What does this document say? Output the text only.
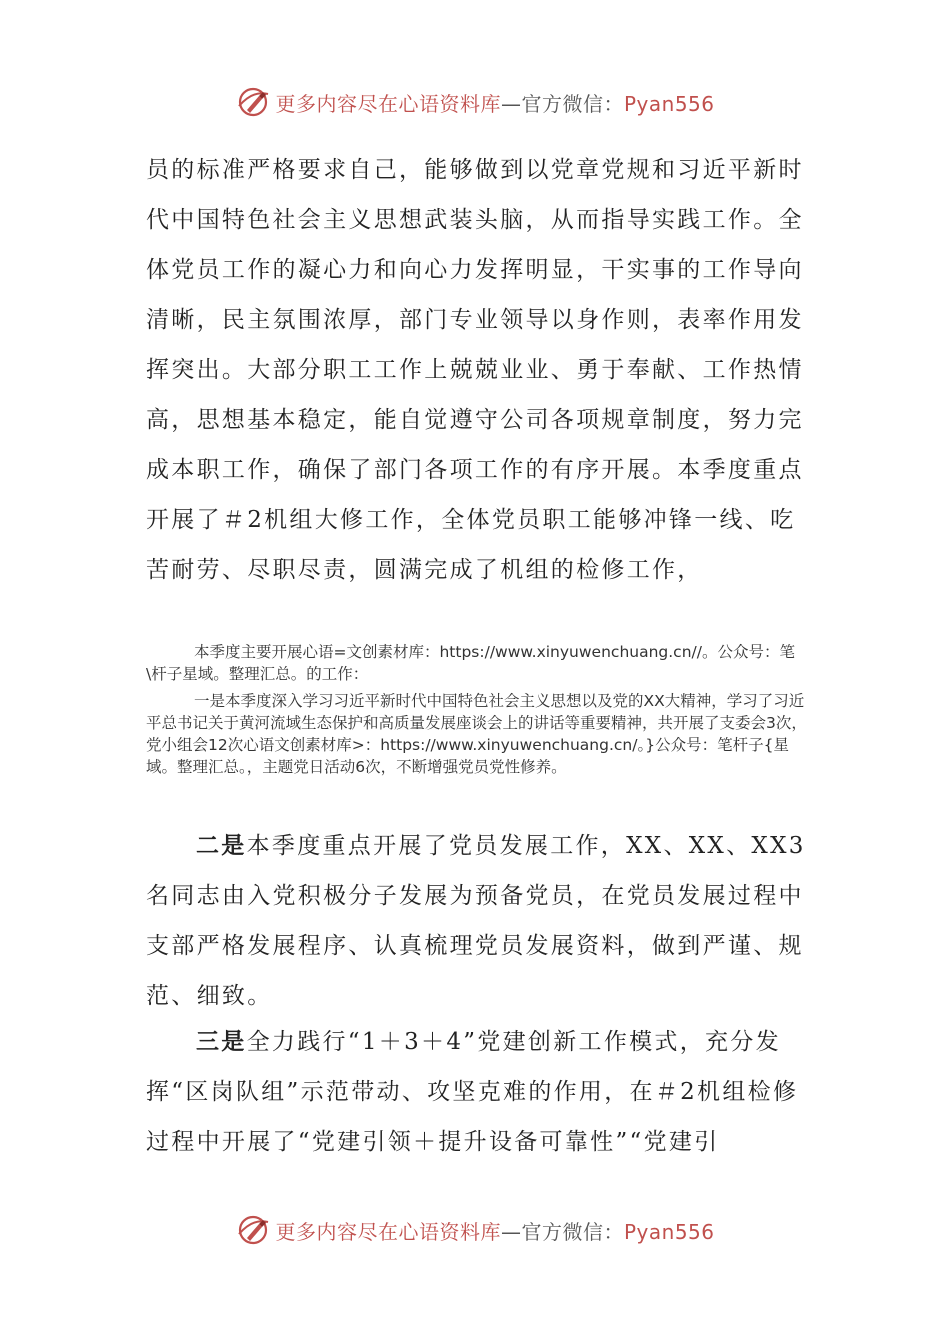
更多内容尽在心语资料库—官方微信：Pyan556

员的标准严格要求自己，能够做到以党章党规和习近平新时代中国特色社会主义思想武装头脑，从而指导实践工作。全体党员工作的凝心力和向心力发挥明显，干实事的工作导向清晰，民主氛围浓厚，部门专业领导以身作则，表率作用发挥突出。大部分职工工作上兢兢业业、勇于奉献、工作热情高，思想基本稳定，能自觉遵守公司各项规章制度，努力完成本职工作，确保了部门各项工作的有序开展。本季度重点开展了＃2机组大修工作，全体党员职工能够冲锋一线、吃苦耐劳、尽职尽责，圆满完成了机组的检修工作，

本季度主要开展心语=文创素材库：https://www.xinyuwenchuang.cn//。公众号：笔\杆子星域。整理汇总。的工作：

一是本季度深入学习习近平新时代中国特色社会主义思想以及党的XX大精神，学习了习近平总书记关于黄河流域生态保护和高质量发展座谈会上的讲话等重要精神，共开展了支委会3次，党小组会12次心语文创素材库>：https://www.xinyuwenchuang.cn/。}公众号：笔杆子{星域。整理汇总。，主题党日活动6次，不断增强党员党性修养。

二是本季度重点开展了党员发展工作，XX、XX、XX3名同志由入党积极分子发展为预备党员，在党员发展过程中支部严格发展程序、认真梳理党员发展资料，做到严谨、规范、细致。

三是全力践行“1＋3＋4”党建创新工作模式，充分发挥“区岗队组”示范带动、攻坚克难的作用，在＃2机组检修过程中开展了“党建引领＋提升设备可靠性”“党建引

更多内容尽在心语资料库—官方微信：Pyan556
